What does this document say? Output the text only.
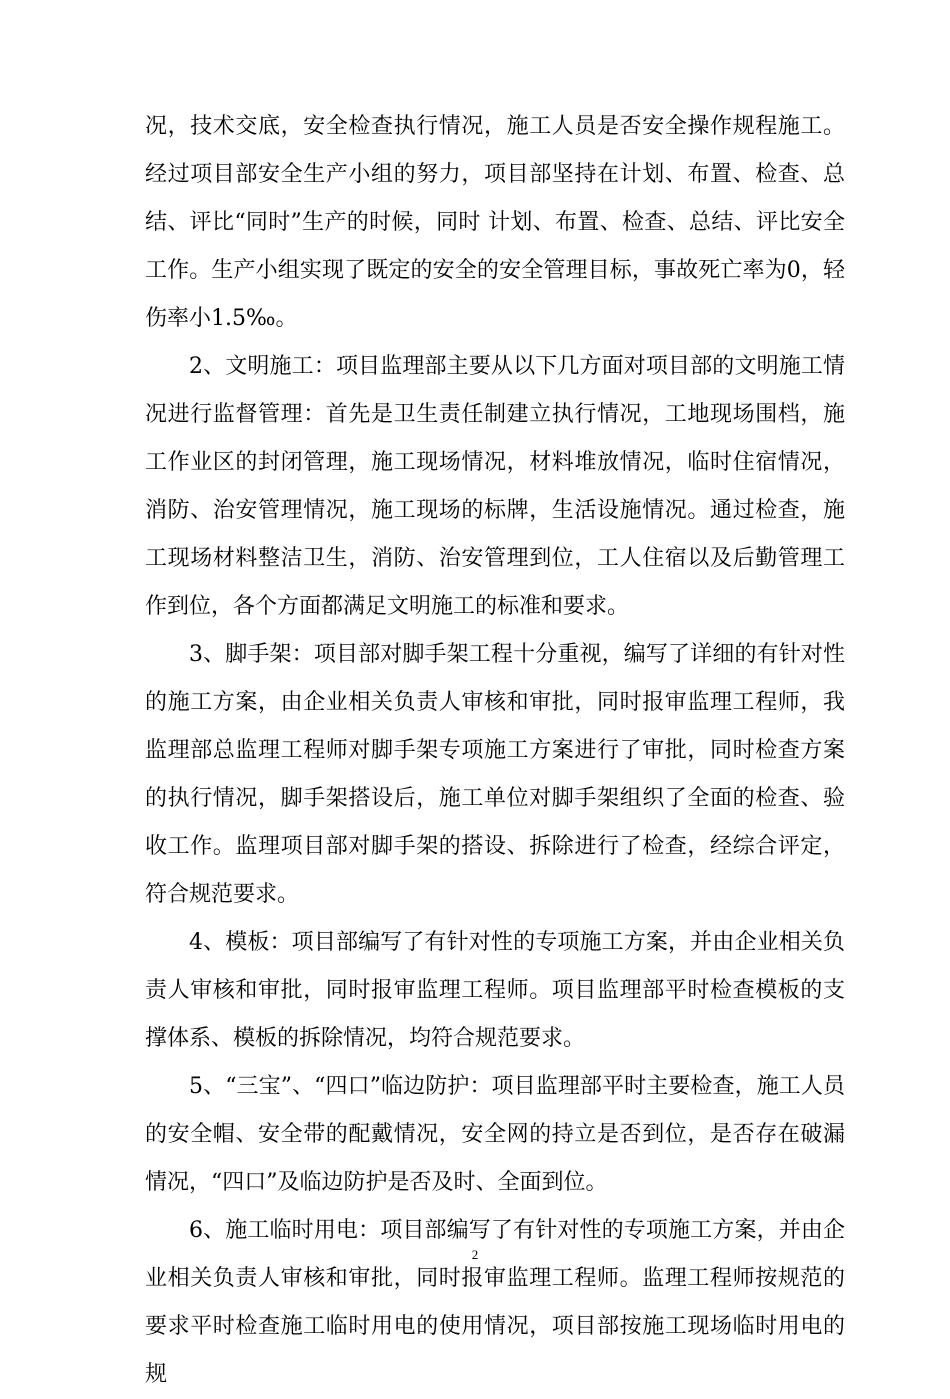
况，技术交底，安全检查执行情况，施工人员是否安全操作规程施工。经过项目部安全生产小组的努力，项目部坚持在计划、布置、检查、总结、评比“同时”生产的时候，同时 计划、布置、检查、总结、评比安全工作。生产小组实现了既定的安全的安全管理目标，事故死亡率为0，轻伤率小1.5‰。

2、文明施工：项目监理部主要从以下几方面对项目部的文明施工情况进行监督管理：首先是卫生责任制建立执行情况，工地现场围档，施工作业区的封闭管理，施工现场情况，材料堆放情况，临时住宿情况，消防、治安管理情况，施工现场的标牌，生活设施情况。通过检查，施工现场材料整洁卫生，消防、治安管理到位，工人住宿以及后勤管理工作到位，各个方面都满足文明施工的标准和要求。

3、脚手架：项目部对脚手架工程十分重视，编写了详细的有针对性的施工方案，由企业相关负责人审核和审批，同时报审监理工程师，我监理部总监理工程师对脚手架专项施工方案进行了审批，同时检查方案的执行情况，脚手架搭设后，施工单位对脚手架组织了全面的检查、验收工作。监理项目部对脚手架的搭设、拆除进行了检查，经综合评定，符合规范要求。

4、模板：项目部编写了有针对性的专项施工方案，并由企业相关负责人审核和审批，同时报审监理工程师。项目监理部平时检查模板的支撑体系、模板的拆除情况，均符合规范要求。

5、“三宝”、“四口”临边防护：项目监理部平时主要检查，施工人员的安全帽、安全带的配戴情况，安全网的持立是否到位，是否存在破漏情况，“四口”及临边防护是否及时、全面到位。

6、施工临时用电：项目部编写了有针对性的专项施工方案，并由企业相关负责人审核和审批，同时报审监理工程师。监理工程师按规范的要求平时检查施工临时用电的使用情况，项目部按施工现场临时用电的规

2
